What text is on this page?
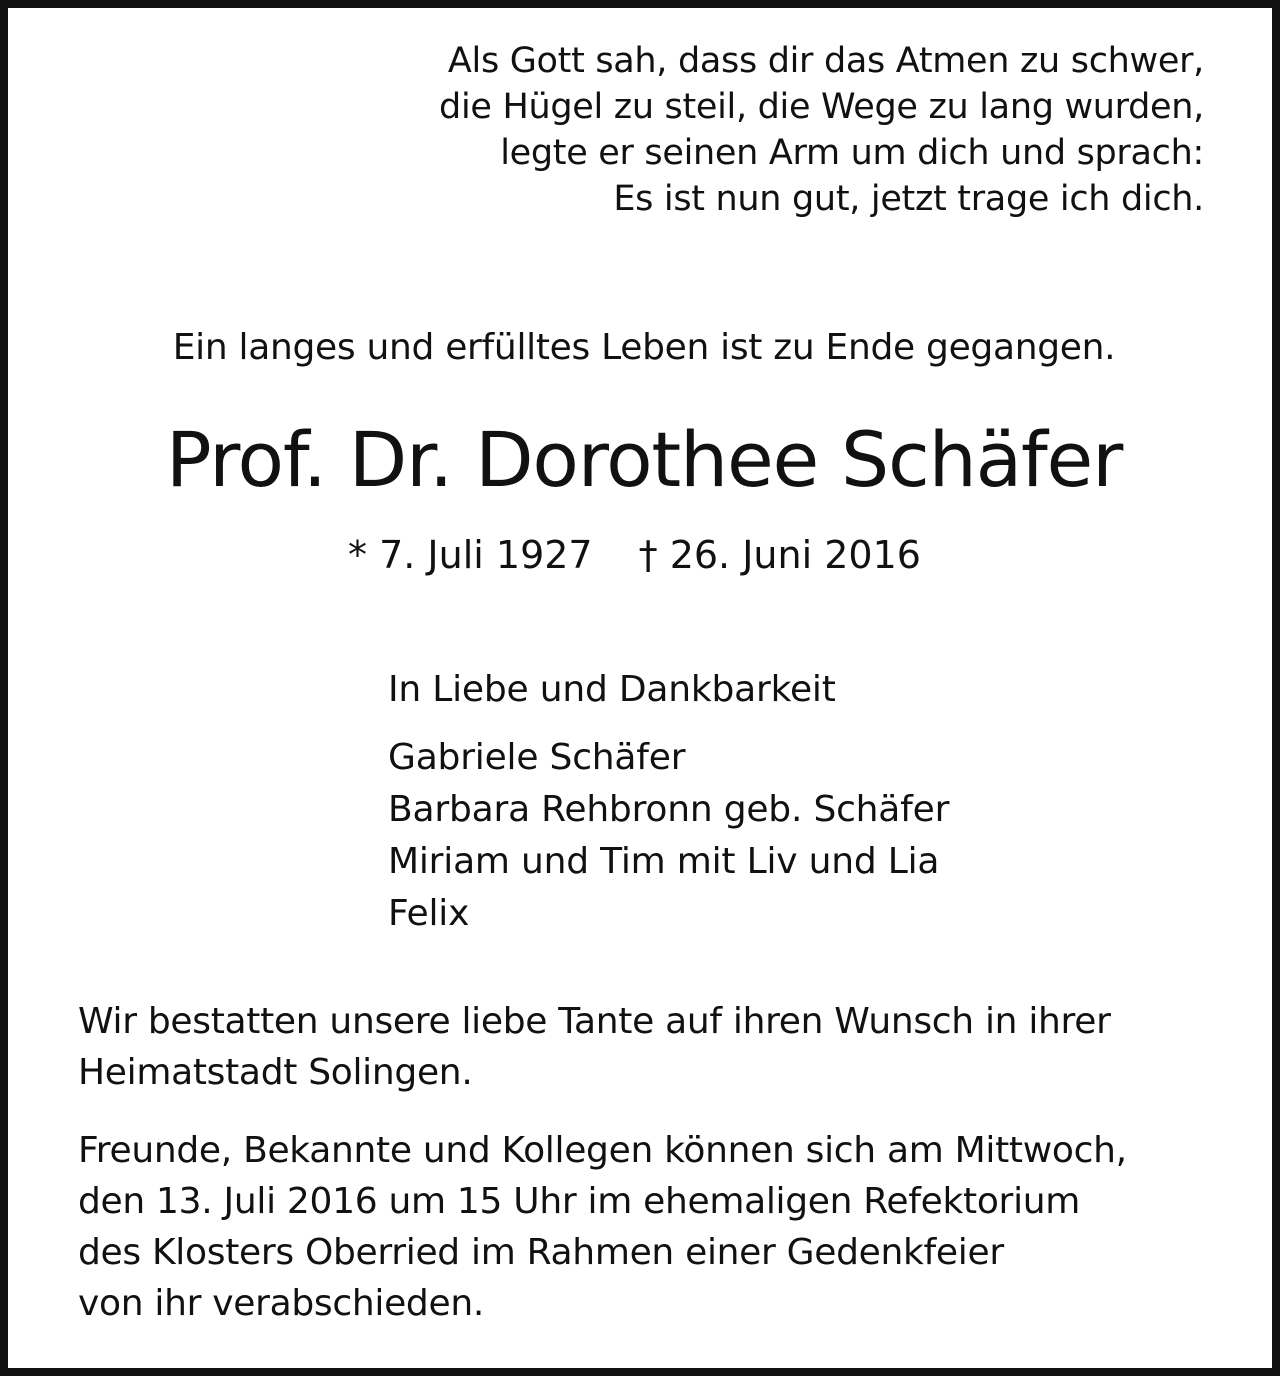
Als Gott sah, dass dir das Atmen zu schwer,
die Hügel zu steil, die Wege zu lang wurden,
legte er seinen Arm um dich und sprach:
Es ist nun gut, jetzt trage ich dich.
Ein langes und erfülltes Leben ist zu Ende gegangen.
Prof. Dr. Dorothee Schäfer
* 7. Juli 1927 † 26. Juni 2016
In Liebe und Dankbarkeit
Gabriele Schäfer
Barbara Rehbronn geb. Schäfer
Miriam und Tim mit Liv und Lia
Felix
Wir bestatten unsere liebe Tante auf ihren Wunsch in ihrer
Heimatstadt Solingen.
Freunde, Bekannte und Kollegen können sich am Mittwoch,
den 13. Juli 2016 um 15 Uhr im ehemaligen Refektorium
des Klosters Oberried im Rahmen einer Gedenkfeier
von ihr verabschieden.
